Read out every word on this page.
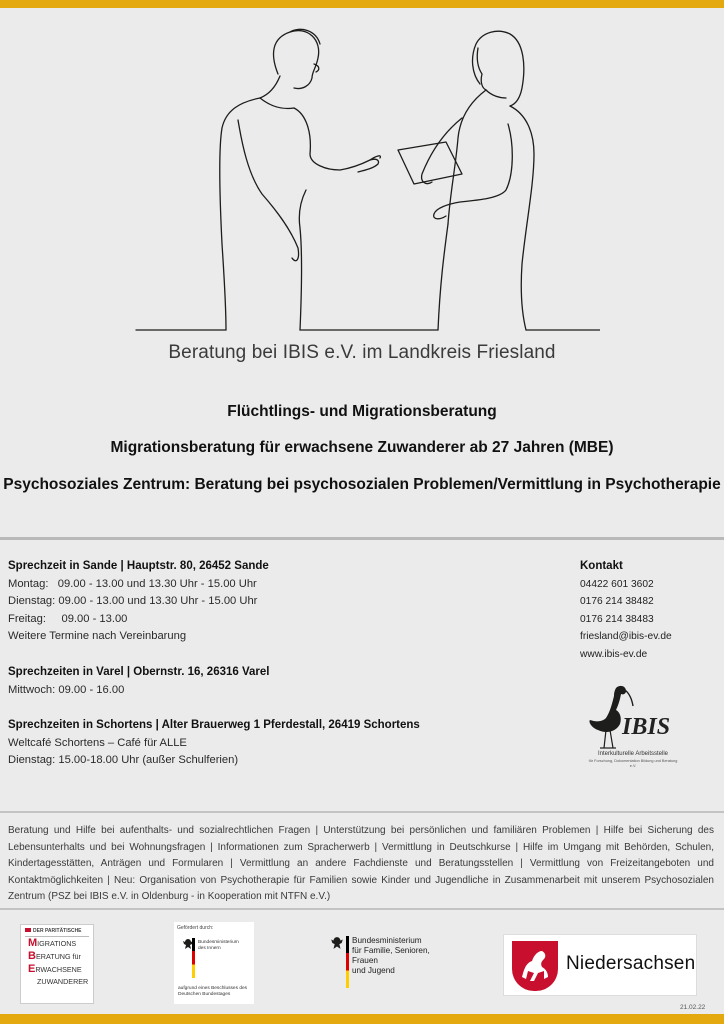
Beratung bei IBIS e.V. im Landkreis Friesland
Flüchtlings- und Migrationsberatung
Migrationsberatung für erwachsene Zuwanderer ab 27 Jahren (MBE)
Psychosoziales Zentrum: Beratung bei psychosozialen Problemen/Vermittlung in Psychotherapie
Sprechzeit in Sande | Hauptstr. 80, 26452 Sande
Montag:   09.00 - 13.00 und 13.30 Uhr - 15.00 Uhr
Dienstag: 09.00 - 13.00 und 13.30 Uhr - 15.00 Uhr
Freitag:     09.00 - 13.00
Weitere Termine nach Vereinbarung
Sprechzeiten in Varel | Obernstr. 16, 26316 Varel
Mittwoch: 09.00 - 16.00
Sprechzeiten in Schortens | Alter Brauerweg 1 Pferdestall, 26419 Schortens
Weltcafé Schortens – Café für ALLE
Dienstag: 15.00-18.00 Uhr (außer Schulferien)
Kontakt
04422 601 3602
0176 214 38482
0176 214 38483
friesland@ibis-ev.de
www.ibis-ev.de
IBIS
Interkulturelle Arbeitsstelle
für Forschung, Dokumentation Bildung und Beratung e.V.
Beratung und Hilfe bei aufenthalts- und sozialrechtlichen Fragen | Unterstützung bei persönlichen und familiären Problemen | Hilfe bei Sicherung des Lebensunterhalts und bei Wohnungsfragen | Informationen zum Spracherwerb | Vermittlung in Deutschkurse | Hilfe im Umgang mit Behörden, Schulen, Kindertagesstätten, Anträgen und Formularen | Vermittlung an andere Fachdienste und Beratungsstellen | Vermittlung von Freizeitangeboten und Kontaktmöglichkeiten | Neu: Organisation von Psychotherapie für Familien sowie Kinder und Jugendliche in Zusammenarbeit mit unserem Psychosozialen Zentrum (PSZ bei IBIS e.V. in Oldenburg - in Kooperation mit NTFN e.V.)
DER PARITÄTISCHE
MIGRATIONS
BERATUNG für
ERWACHSENE
ZUWANDERER
Gefördert durch:
Bundesministerium des Innern
aufgrund eines Beschlusses des Deutschen Bundestages
Bundesministerium
für Familie, Senioren, Frauen
und Jugend	Niedersachsen
21.02.22
